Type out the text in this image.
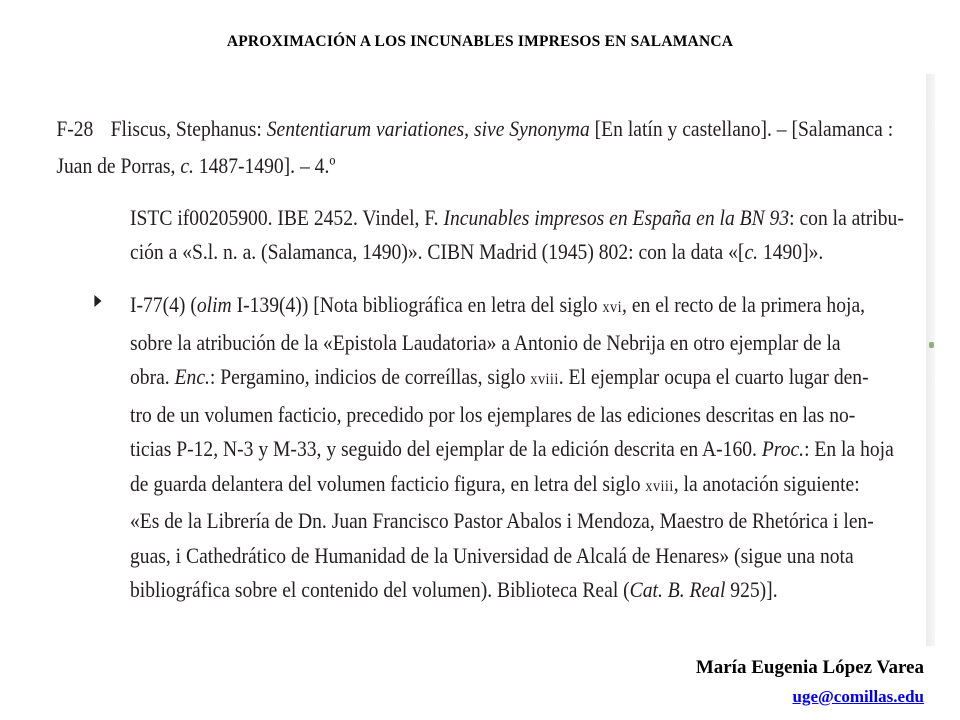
APROXIMACIÓN A LOS INCUNABLES IMPRESOS EN SALAMANCA
F-28 Fliscus, Stephanus: Sententiarum variationes, sive Synonyma [En latín y castellano]. – [Salamanca :
Juan de Porras, c. 1487-1490]. – 4.º
ISTC if00205900. IBE 2452. Vindel, F. Incunables impresos en España en la BN 93: con la atribu-
ción a «S.l. n. a. (Salamanca, 1490)». CIBN Madrid (1945) 802: con la data «[c. 1490]».
I-77(4) (olim I-139(4)) [Nota bibliográfica en letra del siglo xvi, en el recto de la primera hoja,
sobre la atribución de la «Epistola Laudatoria» a Antonio de Nebrija en otro ejemplar de la
obra. Enc.: Pergamino, indicios de correíllas, siglo xviii. El ejemplar ocupa el cuarto lugar den-
tro de un volumen facticio, precedido por los ejemplares de las ediciones descritas en las no-
ticias P-12, N-3 y M-33, y seguido del ejemplar de la edición descrita en A-160. Proc.: En la hoja
de guarda delantera del volumen facticio figura, en letra del siglo xviii, la anotación siguiente:
«Es de la Librería de Dn. Juan Francisco Pastor Abalos i Mendoza, Maestro de Rhetórica i len-
guas, i Cathedrático de Humanidad de la Universidad de Alcalá de Henares» (sigue una nota
bibliográfica sobre el contenido del volumen). Biblioteca Real (Cat. B. Real 925)].
María Eugenia López Varea
uge@comillas.edu
